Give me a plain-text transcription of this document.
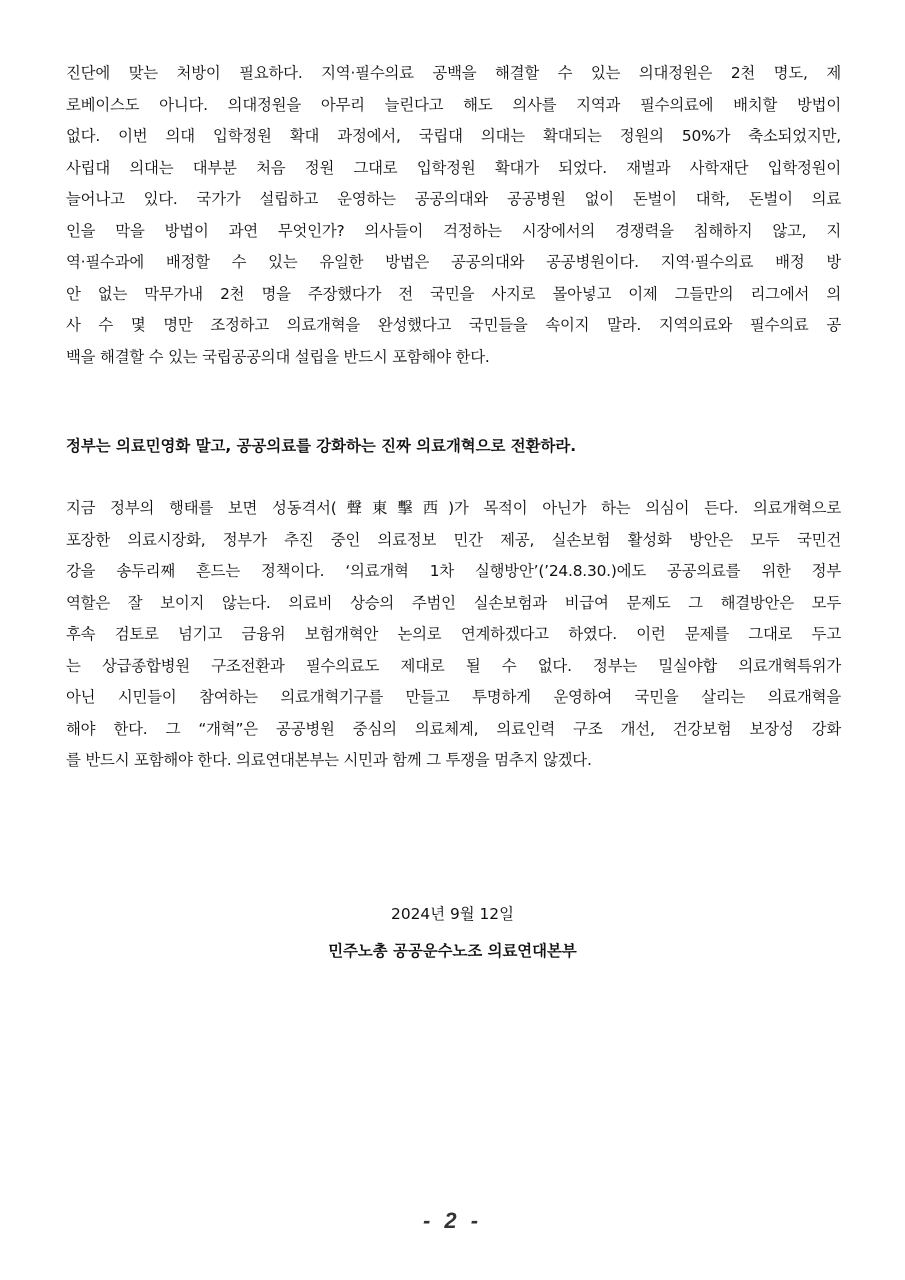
진단에 맞는 처방이 필요하다. 지역·필수의료 공백을 해결할 수 있는 의대정원은 2천 명도, 제
로베이스도 아니다. 의대정원을 아무리 늘린다고 해도 의사를 지역과 필수의료에 배치할 방법이
없다. 이번 의대 입학정원 확대 과정에서, 국립대 의대는 확대되는 정원의 50%가 축소되었지만,
사립대 의대는 대부분 처음 정원 그대로 입학정원 확대가 되었다. 재벌과 사학재단 입학정원이
늘어나고 있다. 국가가 설립하고 운영하는 공공의대와 공공병원 없이 돈벌이 대학, 돈벌이 의료
인을 막을 방법이 과연 무엇인가? 의사들이 걱정하는 시장에서의 경쟁력을 침해하지 않고, 지
역·필수과에 배정할 수 있는 유일한 방법은 공공의대와 공공병원이다. 지역·필수의료 배정 방
안 없는 막무가내 2천 명을 주장했다가 전 국민을 사지로 몰아넣고 이제 그들만의 리그에서 의
사 수 몇 명만 조정하고 의료개혁을 완성했다고 국민들을 속이지 말라. 지역의료와 필수의료 공
백을 해결할 수 있는 국립공공의대 설립을 반드시 포함해야 한다.
정부는 의료민영화 말고, 공공의료를 강화하는 진짜 의료개혁으로 전환하라.
지금 정부의 행태를 보면 성동격서(聲東擊西)가 목적이 아닌가 하는 의심이 든다. 의료개혁으로
포장한 의료시장화, 정부가 추진 중인 의료정보 민간 제공, 실손보험 활성화 방안은 모두 국민건
강을 송두리째 흔드는 정책이다. ‘의료개혁 1차 실행방안’(’24.8.30.)에도 공공의료를 위한 정부
역할은 잘 보이지 않는다. 의료비 상승의 주범인 실손보험과 비급여 문제도 그 해결방안은 모두
후속 검토로 넘기고 금융위 보험개혁안 논의로 연계하겠다고 하였다. 이런 문제를 그대로 두고
는 상급종합병원 구조전환과 필수의료도 제대로 될 수 없다. 정부는 밀실야합 의료개혁특위가
아닌 시민들이 참여하는 의료개혁기구를 만들고 투명하게 운영하여 국민을 살리는 의료개혁을
해야 한다. 그 “개혁”은 공공병원 중심의 의료체계, 의료인력 구조 개선, 건강보험 보장성 강화
를 반드시 포함해야 한다. 의료연대본부는 시민과 함께 그 투쟁을 멈추지 않겠다.
2024년 9월 12일
민주노총 공공운수노조 의료연대본부
- 2 -
